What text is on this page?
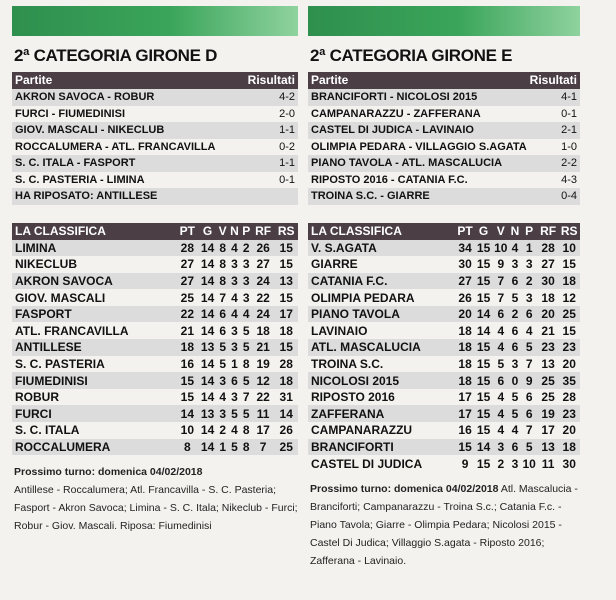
2ª CATEGORIA GIRONE D
Partite	Risultati
AKRON SAVOCA - ROBUR	4-2
FURCI - FIUMEDINISI	2-0
GIOV. MASCALI - NIKECLUB	1-1
ROCCALUMERA - ATL. FRANCAVILLA	0-2
S. C. ITALA - FASPORT	1-1
S. C. PASTERIA - LIMINA	0-1
HA RIPOSATO: ANTILLESE
LA CLASSIFICA	PT	G	V	N	P	RF	RS
LIMINA	28	14	8	4	2	26	15
NIKECLUB	27	14	8	3	3	27	15
AKRON SAVOCA	27	14	8	3	3	24	13
GIOV. MASCALI	25	14	7	4	3	22	15
FASPORT	22	14	6	4	4	24	17
ATL. FRANCAVILLA	21	14	6	3	5	18	18
ANTILLESE	18	13	5	3	5	21	15
S. C. PASTERIA	16	14	5	1	8	19	28
FIUMEDINISI	15	14	3	6	5	12	18
ROBUR	15	14	4	3	7	22	31
FURCI	14	13	3	5	5	11	14
S. C. ITALA	10	14	2	4	8	17	26
ROCCALUMERA	8	14	1	5	8	7	25
Prossimo turno: domenica 04/02/2018
Antillese - Roccalumera; Atl. Francavilla - S. C. Pasteria; Fasport - Akron Savoca; Limina - S. C. Itala; Nikeclub - Furci; Robur - Giov. Mascali. Riposa: Fiumedinisi
2ª CATEGORIA GIRONE E
Partite	Risultati
BRANCIFORTI - NICOLOSI 2015	4-1
CAMPANARAZZU - ZAFFERANA	0-1
CASTEL DI JUDICA - LAVINAIO	2-1
OLIMPIA PEDARA - VILLAGGIO S.AGATA	1-0
PIANO TAVOLA - ATL. MASCALUCIA	2-2
RIPOSTO 2016 - CATANIA F.C.	4-3
TROINA S.C. - GIARRE	0-4
LA CLASSIFICA	PT	G	V	N	P	RF	RS
V. S.AGATA	34	15	10	4	1	28	10
GIARRE	30	15	9	3	3	27	15
CATANIA F.C.	27	15	7	6	2	30	18
OLIMPIA PEDARA	26	15	7	5	3	18	12
PIANO TAVOLA	20	14	6	2	6	20	25
LAVINAIO	18	14	4	6	4	21	15
ATL. MASCALUCIA	18	15	4	6	5	23	23
TROINA S.C.	18	15	5	3	7	13	20
NICOLOSI 2015	18	15	6	0	9	25	35
RIPOSTO 2016	17	15	4	5	6	25	28
ZAFFERANA	17	15	4	5	6	19	23
CAMPANARAZZU	16	15	4	4	7	17	20
BRANCIFORTI	15	14	3	6	5	13	18
CASTEL DI JUDICA	9	15	2	3	10	11	30
Prossimo turno: domenica 04/02/2018 Atl. Mascalucia - Branciforti; Campanarazzu - Troina S.c.; Catania F.c. - Piano Tavola; Giarre - Olimpia Pedara; Nicolosi 2015 - Castel Di Judica; Villaggio S.agata - Riposto 2016; Zafferana - Lavinaio.
